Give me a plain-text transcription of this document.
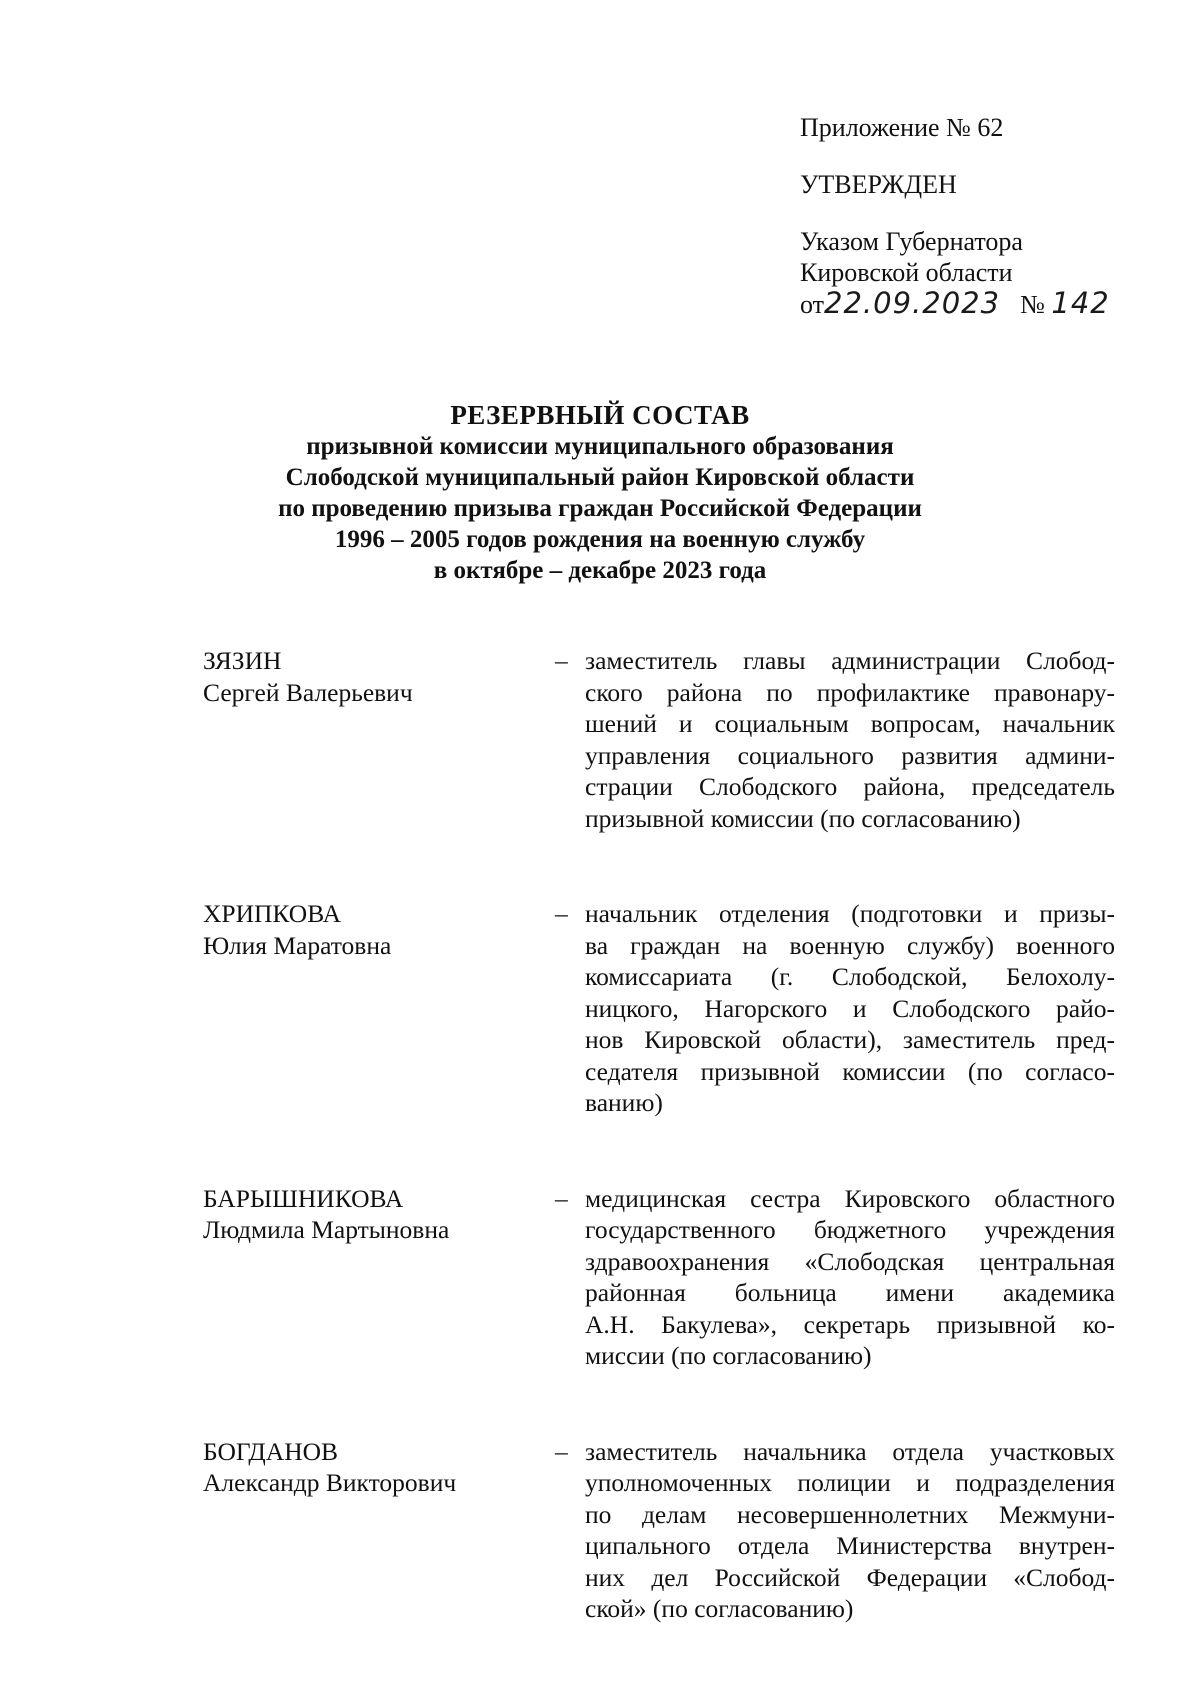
Приложение № 62
УТВЕРЖДЕН
Указом Губернатора
Кировской области
от22.09.2023 № 142
РЕЗЕРВНЫЙ СОСТАВ
призывной комиссии муниципального образования
Слободской муниципальный район Кировской области
по проведению призыва граждан Российской Федерации
1996 – 2005 годов рождения на военную службу
в октябре – декабре 2023 года
ЗЯЗИН
Сергей Валерьевич
– заместитель главы администрации Слобод-
ского района по профилактике правонару-
шений и социальным вопросам, начальник
управления социального развития админи-
страции Слободского района, председатель
призывной комиссии (по согласованию)
ХРИПКОВА
Юлия Маратовна
– начальник отделения (подготовки и призы-
ва граждан на военную службу) военного
комиссариата (г. Слободской, Белохолу-
ницкого, Нагорского и Слободского райо-
нов Кировской области), заместитель пред-
седателя призывной комиссии (по согласо-
ванию)
БАРЫШНИКОВА
Людмила Мартыновна
– медицинская сестра Кировского областного
государственного бюджетного учреждения
здравоохранения «Слободская центральная
районная больница имени академика
А.Н. Бакулева», секретарь призывной ко-
миссии (по согласованию)
БОГДАНОВ
Александр Викторович
– заместитель начальника отдела участковых
уполномоченных полиции и подразделения
по делам несовершеннолетних Межмуни-
ципального отдела Министерства внутрен-
них дел Российской Федерации «Слобод-
ской» (по согласованию)
